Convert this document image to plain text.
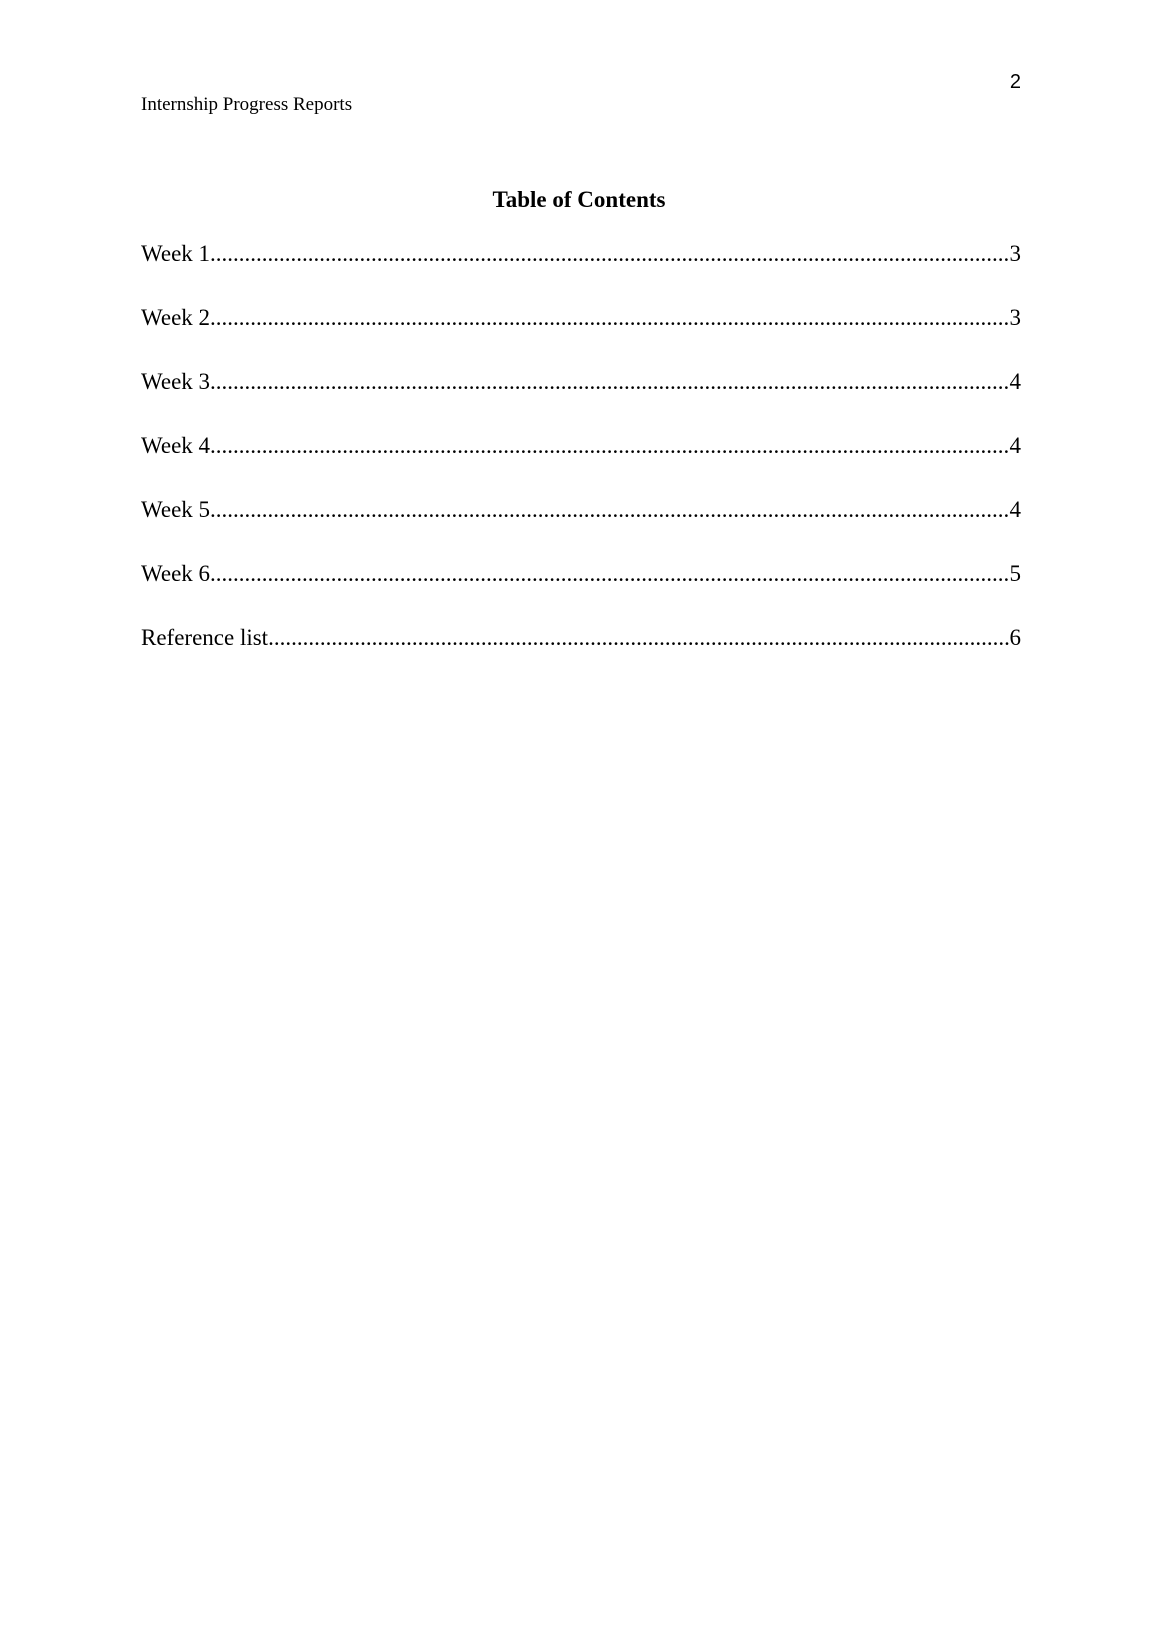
2
Internship Progress Reports
Table of Contents
Week 1 .....	3
Week 2 .....	3
Week 3 .....	4
Week 4 .....	4
Week 5 .....	4
Week 6 .....	5
Reference list .....	6
